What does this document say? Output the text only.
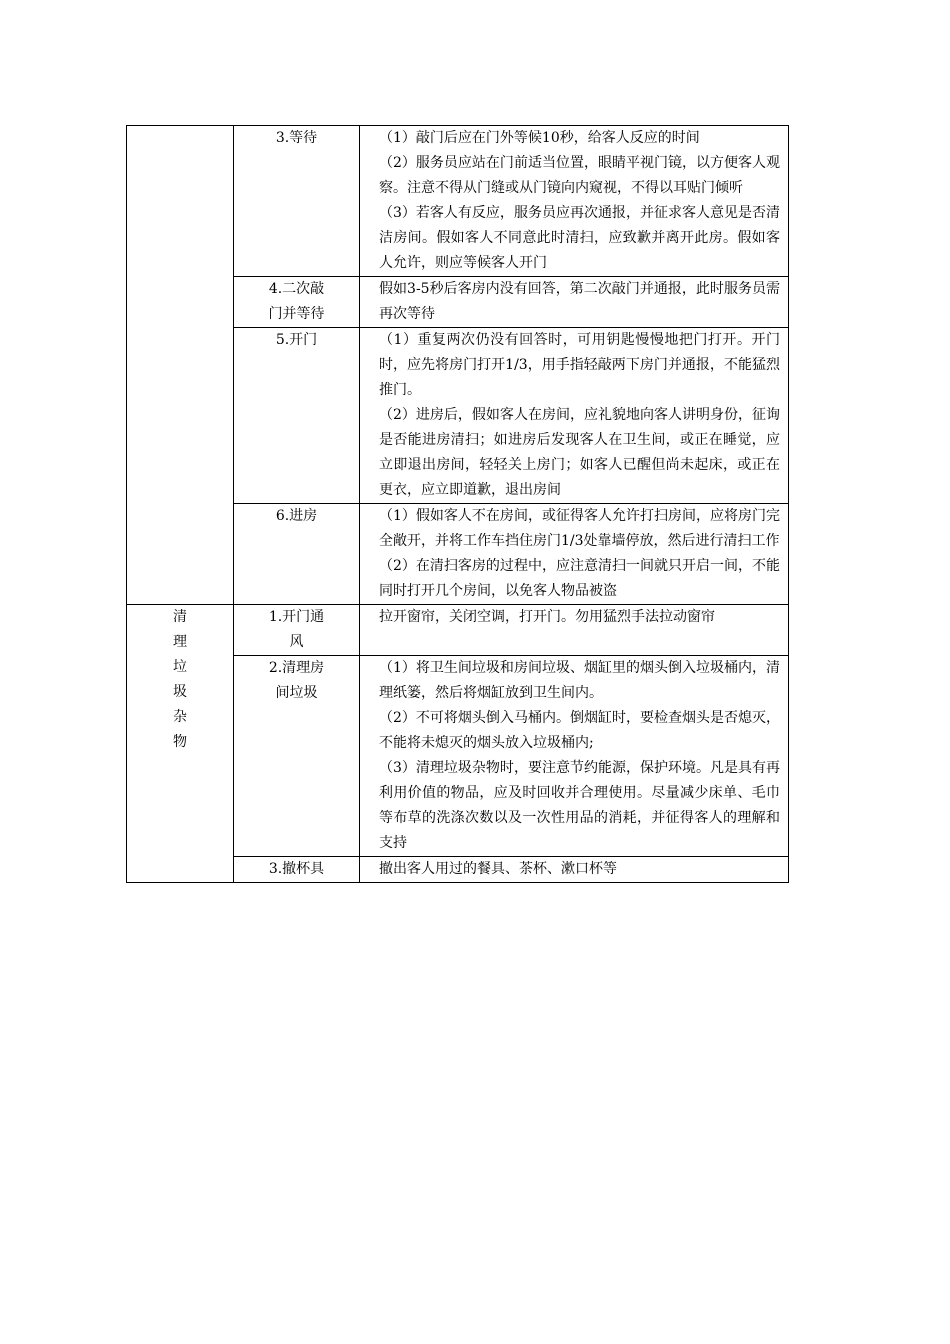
	3.等待	（1）敲门后应在门外等候10秒，给客人反应的时间

（2）服务员应站在门前适当位置，眼睛平视门镜，以方便客人观察。注意不得从门缝或从门镜向内窥视，不得以耳贴门倾听

（3）若客人有反应，服务员应再次通报，并征求客人意见是否清洁房间。假如客人不同意此时清扫，应致歉并离开此房。假如客人允许，则应等候客人开门

	4.二次敲门并等待	假如3-5秒后客房内没有回答，第二次敲门并通报，此时服务员需再次等待

	5.开门	（1）重复两次仍没有回答时，可用钥匙慢慢地把门打开。开门时，应先将房门打开1/3，用手指轻敲两下房门并通报，不能猛烈推门。

（2）进房后，假如客人在房间，应礼貌地向客人讲明身份，征询是否能进房清扫；如进房后发现客人在卫生间，或正在睡觉，应立即退出房间，轻轻关上房门；如客人已醒但尚未起床，或正在更衣，应立即道歉，退出房间

	6.进房	（1）假如客人不在房间，或征得客人允许打扫房间，应将房门完全敞开，并将工作车挡住房门1/3处靠墙停放，然后进行清扫工作

（2）在清扫客房的过程中，应注意清扫一间就只开启一间，不能同时打开几个房间，以免客人物品被盗

清理垃圾杂物	1.开门通风	拉开窗帘，关闭空调，打开门。勿用猛烈手法拉动窗帘

	2.清理房间垃圾	（1）将卫生间垃圾和房间垃圾、烟缸里的烟头倒入垃圾桶内，清理纸篓，然后将烟缸放到卫生间内。

（2）不可将烟头倒入马桶内。倒烟缸时，要检查烟头是否熄灭，不能将未熄灭的烟头放入垃圾桶内;

（3）清理垃圾杂物时，要注意节约能源，保护环境。凡是具有再利用价值的物品，应及时回收并合理使用。尽量减少床单、毛巾等布草的洗涤次数以及一次性用品的消耗，并征得客人的理解和支持

	3.撤杯具	撤出客人用过的餐具、茶杯、漱口杯等
